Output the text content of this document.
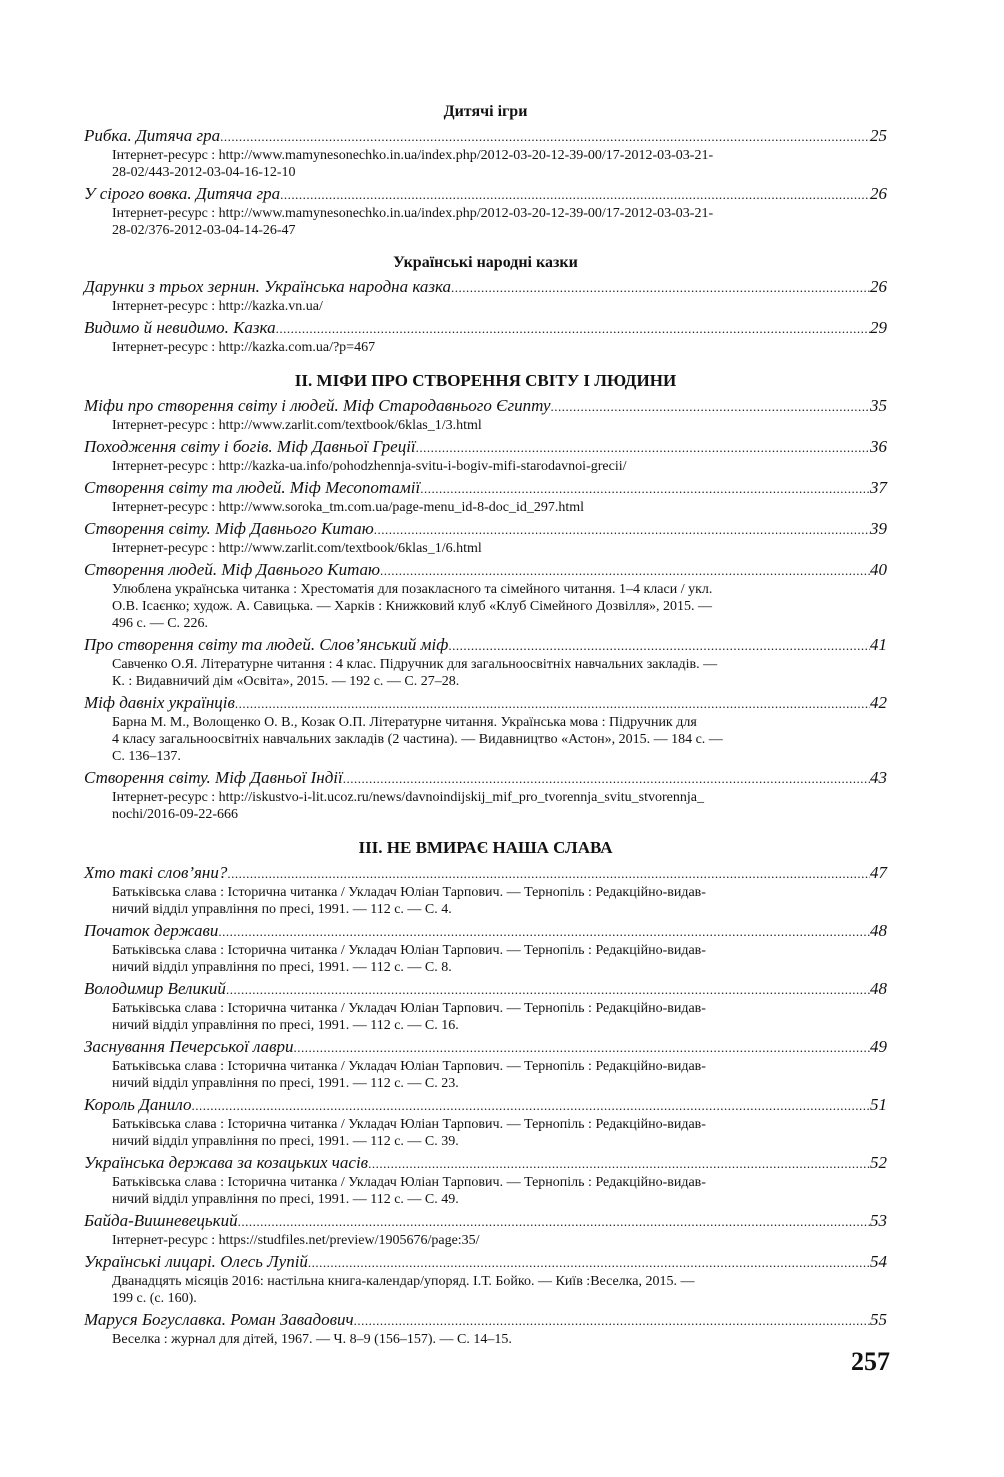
Дитячі ігри
Рибка. Дитяча гра .....	25
Інтернет-ресурс : http://www.mamynesonechko.in.ua/index.php/2012-03-20-12-39-00/17-2012-03-03-21-
28-02/443-2012-03-04-16-12-10
У сірого вовка. Дитяча гра .....	26
Інтернет-ресурс : http://www.mamynesonechko.in.ua/index.php/2012-03-20-12-39-00/17-2012-03-03-21-
28-02/376-2012-03-04-14-26-47
Українські народні казки
Дарунки з трьох зернин. Українська народна казка .....	26
Інтернет-ресурс : http://kazka.vn.ua/
Видимо й невидимо. Казка .....	29
Інтернет-ресурс : http://kazka.com.ua/?p=467
ІІ. МІФИ ПРО СТВОРЕННЯ СВІТУ І ЛЮДИНИ
Міфи про створення світу і людей. Міф Стародавнього Єгипту .....	35
Інтернет-ресурс : http://www.zarlit.com/textbook/6klas_1/3.html
Походження світу і богів. Міф Давньої Греції .....	36
Інтернет-ресурс : http://kazka-ua.info/pohodzhennja-svitu-i-bogiv-mifi-starodavnoi-grecii/
Створення світу та людей. Міф Месопотамії .....	37
Інтернет-ресурс : http://www.soroka_tm.com.ua/page-menu_id-8-doc_id_297.html
Створення світу. Міф Давнього Китаю .....	39
Інтернет-ресурс : http://www.zarlit.com/textbook/6klas_1/6.html
Створення людей. Міф Давнього Китаю .....	40
Улюблена українська читанка : Хрестоматія для позакласного та сімейного читання. 1–4 класи / укл.
О.В. Ісаєнко; худож. А. Савицька. — Харків : Книжковий клуб «Клуб Сімейного Дозвілля», 2015. —
496 с. — С. 226.
Про створення світу та людей. Слов’янський міф .....	41
Савченко О.Я. Літературне читання : 4 клас. Підручник для загальноосвітніх навчальних закладів. —
К. : Видавничий дім «Освіта», 2015. — 192 с. — С. 27–28.
Міф давніх українців .....	42
Барна М. М., Волощенко О. В., Козак О.П. Літературне читання. Українська мова : Підручник для
4 класу загальноосвітніх навчальних закладів (2 частина). — Видавництво «Астон», 2015. — 184 с. —
С. 136–137.
Створення світу. Міф Давньої Індії .....	43
Інтернет-ресурс : http://iskustvo-i-lit.ucoz.ru/news/davnoindijskij_mif_pro_tvorennja_svitu_stvorennja_
nochi/2016-09-22-666
ІІІ. НЕ ВМИРАЄ НАША СЛАВА
Хто такі слов’яни? .....	47
Батьківська слава : Історична читанка / Укладач Юліан Тарпович. — Тернопіль : Редакційно-видав-
ничий відділ управління по пресі, 1991. — 112 с. — С. 4.
Початок держави .....	48
Батьківська слава : Історична читанка / Укладач Юліан Тарпович. — Тернопіль : Редакційно-видав-
ничий відділ управління по пресі, 1991. — 112 с. — С. 8.
Володимир Великий .....	48
Батьківська слава : Історична читанка / Укладач Юліан Тарпович. — Тернопіль : Редакційно-видав-
ничий відділ управління по пресі, 1991. — 112 с. — С. 16.
Заснування Печерської лаври .....	49
Батьківська слава : Історична читанка / Укладач Юліан Тарпович. — Тернопіль : Редакційно-видав-
ничий відділ управління по пресі, 1991. — 112 с. — С. 23.
Король Данило .....	51
Батьківська слава : Історична читанка / Укладач Юліан Тарпович. — Тернопіль : Редакційно-видав-
ничий відділ управління по пресі, 1991. — 112 с. — С. 39.
Українська держава за козацьких часів .....	52
Батьківська слава : Історична читанка / Укладач Юліан Тарпович. — Тернопіль : Редакційно-видав-
ничий відділ управління по пресі, 1991. — 112 с. — С. 49.
Байда-Вишневецький .....	53
Інтернет-ресурс : https://studfiles.net/preview/1905676/page:35/
Українські лицарі. Олесь Лупій .....	54
Дванадцять місяців 2016: настільна книга-календар/упоряд. І.Т. Бойко. — Київ :Веселка, 2015. —
199 с. (с. 160).
Маруся Богуславка. Роман Завадович .....	55
Веселка : журнал для дітей, 1967. — Ч. 8–9 (156–157). — С. 14–15.
257
